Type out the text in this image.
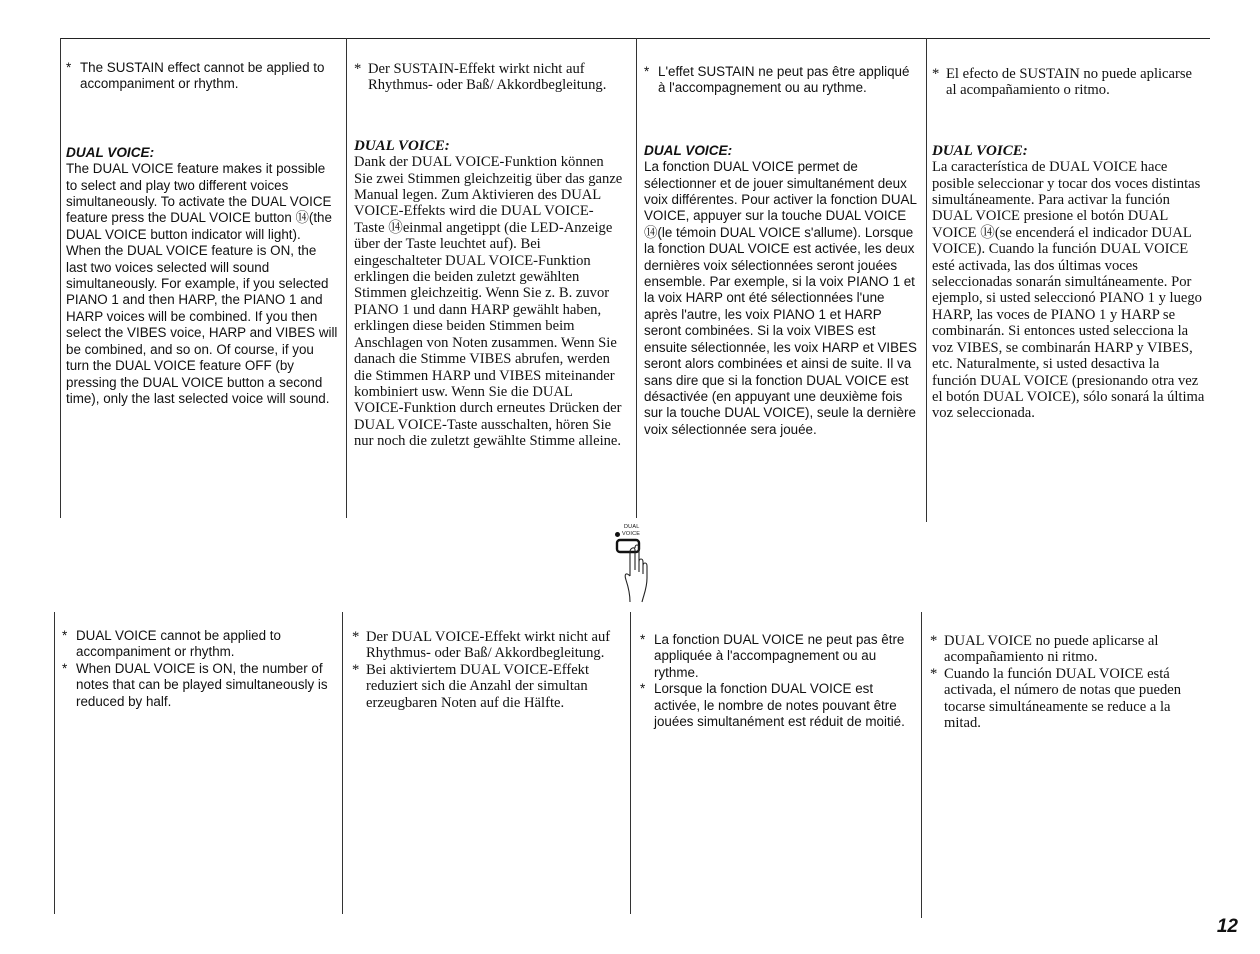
* The SUSTAIN effect cannot be applied to accompaniment or rhythm.

DUAL VOICE:

The DUAL VOICE feature makes it possible to select and play two different voices simultaneously. To activate the DUAL VOICE feature press the DUAL VOICE button ⑭(the DUAL VOICE button indicator will light). When the DUAL VOICE feature is ON, the last two voices selected will sound simultaneously. For example, if you selected PIANO 1 and then HARP, the PIANO 1 and HARP voices will be combined. If you then select the VIBES voice, HARP and VIBES will be combined, and so on. Of course, if you turn the DUAL VOICE feature OFF (by pressing the DUAL VOICE button a second time), only the last selected voice will sound.

* Der SUSTAIN-Effekt wirkt nicht auf Rhythmus- oder Baß/ Akkordbegleitung.

DUAL VOICE:

Dank der DUAL VOICE-Funktion können Sie zwei Stimmen gleichzeitig über das ganze Manual legen. Zum Aktivieren des DUAL VOICE-Effekts wird die DUAL VOICE-Taste ⑭einmal angetippt (die LED-Anzeige über der Taste leuchtet auf). Bei eingeschalteter DUAL VOICE-Funktion erklingen die beiden zuletzt gewählten Stimmen gleichzeitig. Wenn Sie z. B. zuvor PIANO 1 und dann HARP gewählt haben, erklingen diese beiden Stimmen beim Anschlagen von Noten zusammen. Wenn Sie danach die Stimme VIBES abrufen, werden die Stimmen HARP und VIBES miteinander kombiniert usw. Wenn Sie die DUAL VOICE-Funktion durch erneutes Drücken der DUAL VOICE-Taste ausschalten, hören Sie nur noch die zuletzt gewählte Stimme alleine.

* L'effet SUSTAIN ne peut pas être appliqué à l'accompagnement ou au rythme.

DUAL VOICE:

La fonction DUAL VOICE permet de sélectionner et de jouer simultanément deux voix différentes. Pour activer la fonction DUAL VOICE, appuyer sur la touche DUAL VOICE ⑭(le témoin DUAL VOICE s'allume). Lorsque la fonction DUAL VOICE est activée, les deux dernières voix sélectionnées seront jouées ensemble. Par exemple, si la voix PIANO 1 et la voix HARP ont été sélectionnées l'une après l'autre, les voix PIANO 1 et HARP seront combinées. Si la voix VIBES est ensuite sélectionnée, les voix HARP et VIBES seront alors combinées et ainsi de suite. Il va sans dire que si la fonction DUAL VOICE est désactivée (en appuyant une deuxième fois sur la touche DUAL VOICE), seule la dernière voix sélectionnée sera jouée.

* El efecto de SUSTAIN no puede aplicarse al acompañamiento o ritmo.

DUAL VOICE:

La característica de DUAL VOICE hace posible seleccionar y tocar dos voces distintas simultáneamente. Para activar la función DUAL VOICE presione el botón DUAL VOICE ⑭(se encenderá el indicador DUAL VOICE). Cuando la función DUAL VOICE esté activada, las dos últimas voces seleccionadas sonarán simultáneamente. Por ejemplo, si usted seleccionó PIANO 1 y luego HARP, las voces de PIANO 1 y HARP se combinarán. Si entonces usted selecciona la voz VIBES, se combinarán HARP y VIBES, etc. Naturalmente, si usted desactiva la función DUAL VOICE (presionando otra vez el botón DUAL VOICE), sólo sonará la última voz seleccionada.

DUAL
VOICE

* DUAL VOICE cannot be applied to accompaniment or rhythm.

* When DUAL VOICE is ON, the number of notes that can be played simultaneously is reduced by half.

* Der DUAL VOICE-Effekt wirkt nicht auf Rhythmus- oder Baß/ Akkordbegleitung.

* Bei aktiviertem DUAL VOICE-Effekt reduziert sich die Anzahl der simultan erzeugbaren Noten auf die Hälfte.

* La fonction DUAL VOICE ne peut pas être appliquée à l'accompagnement ou au rythme.

* Lorsque la fonction DUAL VOICE est activée, le nombre de notes pouvant être jouées simultanément est réduit de moitié.

* DUAL VOICE no puede aplicarse al acompañamiento ni ritmo.

* Cuando la función DUAL VOICE está activada, el número de notas que pueden tocarse simultáneamente se reduce a la mitad.

12
